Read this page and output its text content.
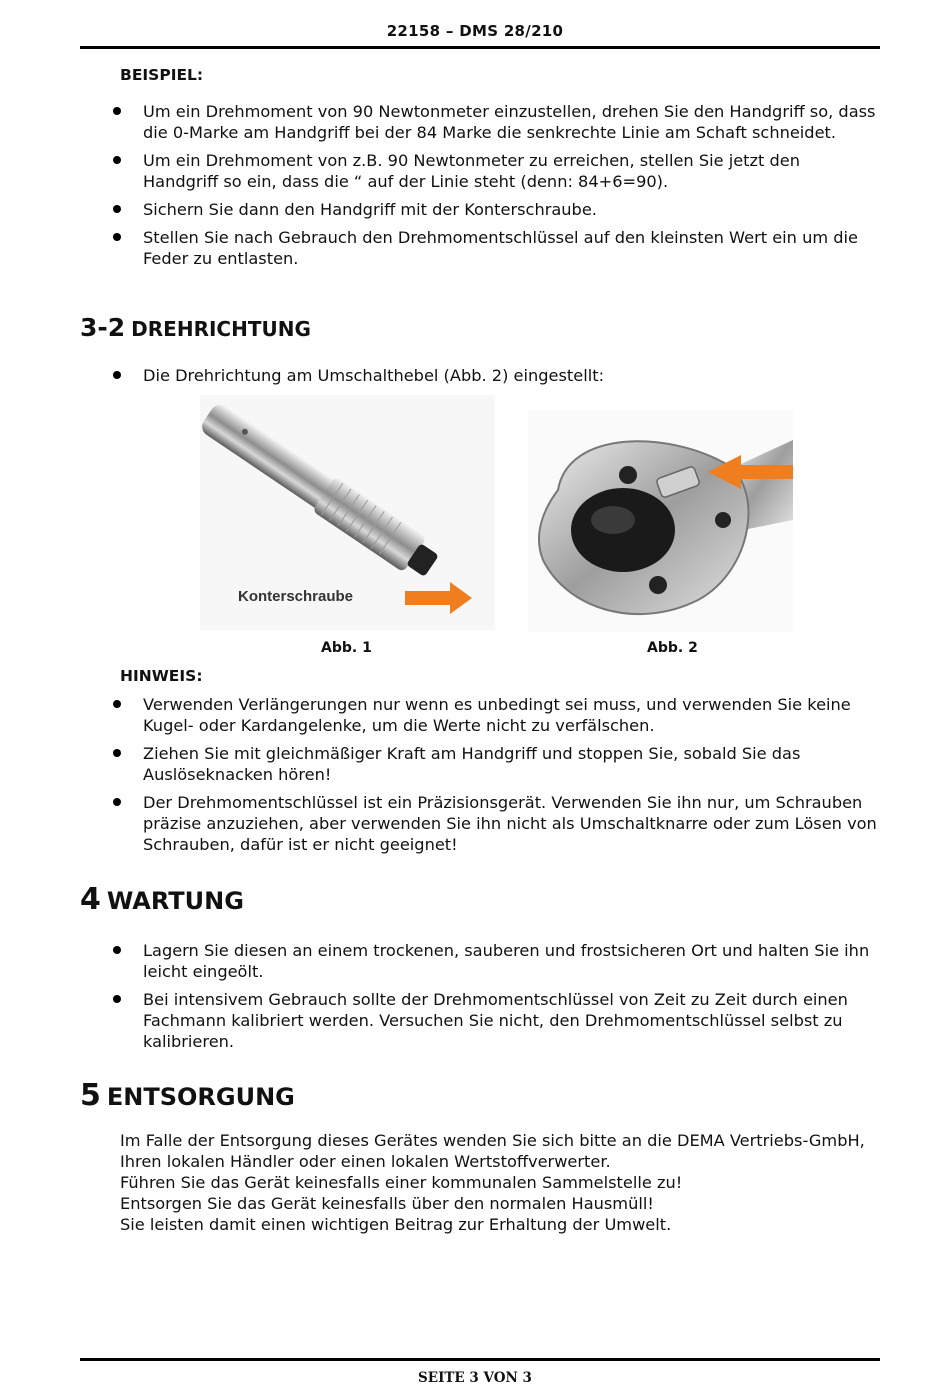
22158 – DMS 28/210
BEISPIEL:
Um ein Drehmoment von 90 Newtonmeter einzustellen, drehen Sie den Handgriff so, dass die 0-Marke am Handgriff bei der 84 Marke die senkrechte Linie am Schaft schneidet.
Um ein Drehmoment von z.B. 90 Newtonmeter zu erreichen, stellen Sie jetzt den Handgriff so ein, dass die “ auf der Linie steht (denn: 84+6=90).
Sichern Sie dann den Handgriff mit der Konterschraube.
Stellen Sie nach Gebrauch den Drehmomentschlüssel auf den kleinsten Wert ein um die Feder zu entlasten.
3-2 DREHRICHTUNG
Die Drehrichtung am Umschalthebel (Abb. 2) eingestellt:
Konterschraube
Abb. 1	Abb. 2
HINWEIS:
Verwenden Verlängerungen nur wenn es unbedingt sei muss, und verwenden Sie keine Kugel- oder Kardangelenke, um die Werte nicht zu verfälschen.
Ziehen Sie mit gleichmäßiger Kraft am Handgriff und stoppen Sie, sobald Sie das Auslöseknacken hören!
Der Drehmomentschlüssel ist ein Präzisionsgerät. Verwenden Sie ihn nur, um Schrauben präzise anzuziehen, aber verwenden Sie ihn nicht als Umschaltknarre oder zum Lösen von Schrauben, dafür ist er nicht geeignet!
4 WARTUNG
Lagern Sie diesen an einem trockenen, sauberen und frostsicheren Ort und halten Sie ihn leicht eingeölt.
Bei intensivem Gebrauch sollte der Drehmomentschlüssel von Zeit zu Zeit durch einen Fachmann kalibriert werden. Versuchen Sie nicht, den Drehmomentschlüssel selbst zu kalibrieren.
5 ENTSORGUNG
Im Falle der Entsorgung dieses Gerätes wenden Sie sich bitte an die DEMA Vertriebs-GmbH, Ihren lokalen Händler oder einen lokalen Wertstoffverwerter.
Führen Sie das Gerät keinesfalls einer kommunalen Sammelstelle zu!
Entsorgen Sie das Gerät keinesfalls über den normalen Hausmüll!
Sie leisten damit einen wichtigen Beitrag zur Erhaltung der Umwelt.
SEITE 3 VON 3
